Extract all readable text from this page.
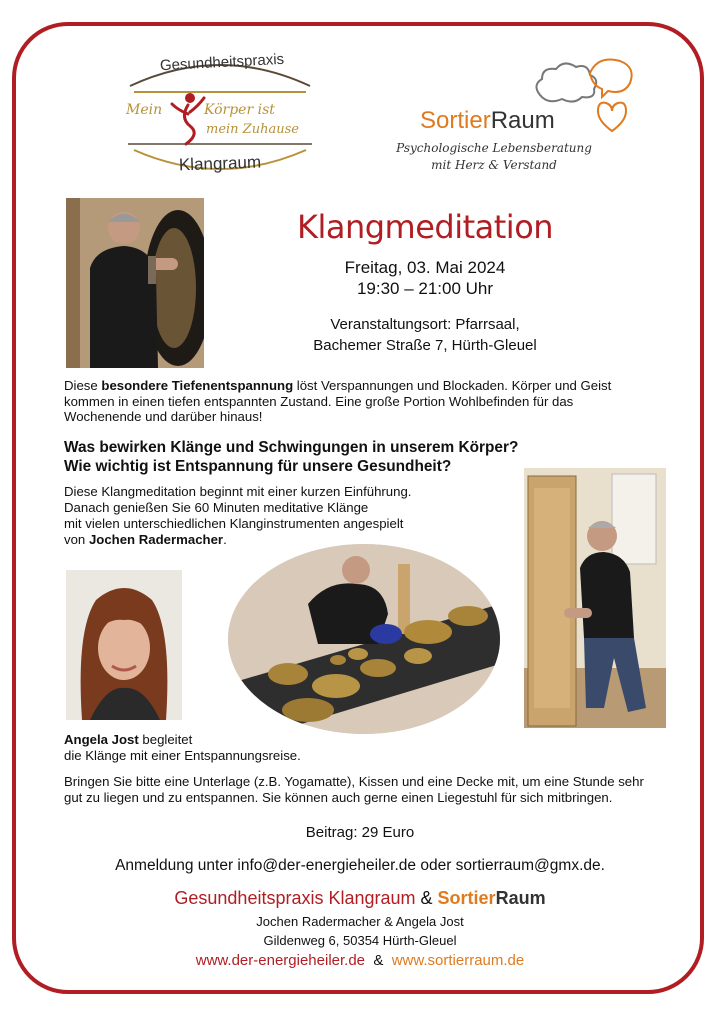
Gesundheitspraxis
Mein	Körper ist
mein Zuhause
Klangraum
SortierRaum
Psychologische Lebensberatung
mit Herz & Verstand
Klangmeditation
Freitag, 03. Mai 2024
19:30 – 21:00 Uhr
Veranstaltungsort: Pfarrsaal,
Bachemer Straße 7, Hürth-Gleuel
Diese besondere Tiefenentspannung löst Verspannungen und Blockaden. Körper und Geist kommen in einen tiefen entspannten Zustand. Eine große Portion Wohlbefinden für das Wochenende und darüber hinaus!
Was bewirken Klänge und Schwingungen in unserem Körper?
Wie wichtig ist Entspannung für unsere Gesundheit?
Diese Klangmeditation beginnt mit einer kurzen Einführung.
Danach genießen Sie 60 Minuten meditative Klänge
mit vielen unterschiedlichen Klanginstrumenten angespielt
von Jochen Radermacher.
Angela Jost begleitet
die Klänge mit einer Entspannungsreise.
Bringen Sie bitte eine Unterlage (z.B. Yogamatte), Kissen und eine Decke mit, um eine Stunde sehr gut zu liegen und zu entspannen. Sie können auch gerne einen Liegestuhl für sich mitbringen.
Beitrag: 29 Euro
Anmeldung unter info@der-energieheiler.de oder sortierraum@gmx.de.
Gesundheitspraxis Klangraum & SortierRaum
Jochen Radermacher & Angela Jost
Gildenweg 6, 50354 Hürth-Gleuel
www.der-energieheiler.de  &  www.sortierraum.de
